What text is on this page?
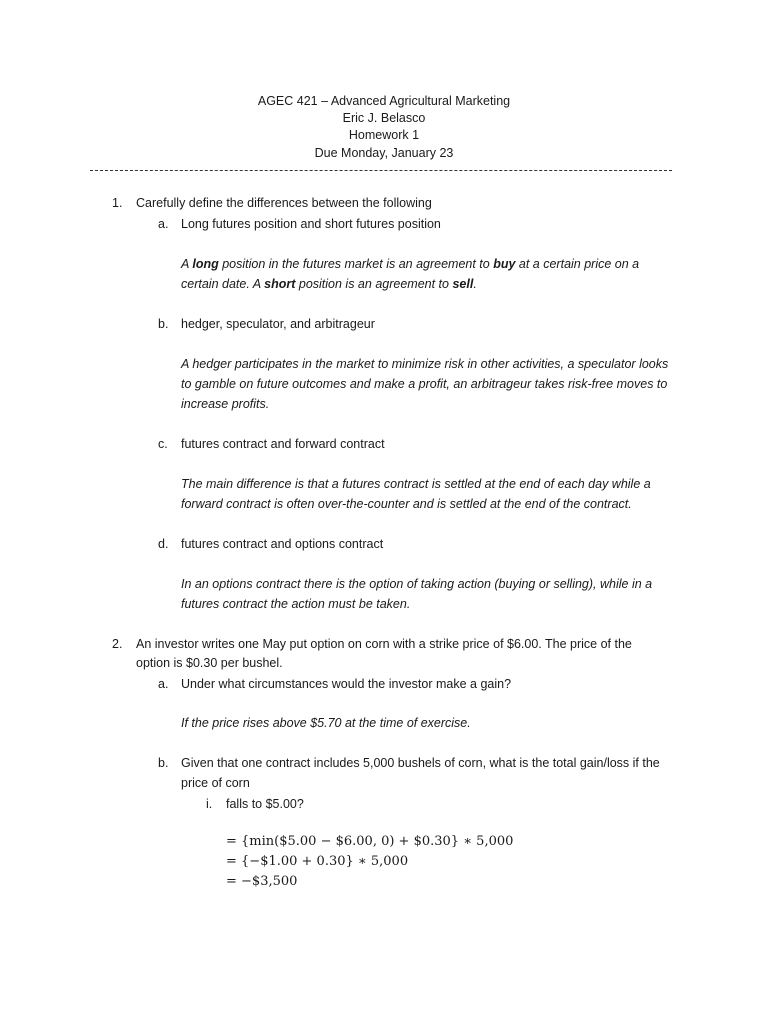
AGEC 421 – Advanced Agricultural Marketing
Eric J. Belasco
Homework 1
Due Monday, January 23
1. Carefully define the differences between the following
a. Long futures position and short futures position
A long position in the futures market is an agreement to buy at a certain price on a
certain date. A short position is an agreement to sell.
b. hedger, speculator, and arbitrageur
A hedger participates in the market to minimize risk in other activities, a speculator looks
to gamble on future outcomes and make a profit, an arbitrageur takes risk-free moves to
increase profits.
c. futures contract and forward contract
The main difference is that a futures contract is settled at the end of each day while a
forward contract is often over-the-counter and is settled at the end of the contract.
d. futures contract and options contract
In an options contract there is the option of taking action (buying or selling), while in a
futures contract the action must be taken.
2. An investor writes one May put option on corn with a strike price of $6.00. The price of the
option is $0.30 per bushel.
a. Under what circumstances would the investor make a gain?
If the price rises above $5.70 at the time of exercise.
b. Given that one contract includes 5,000 bushels of corn, what is the total gain/loss if the
price of corn
i. falls to $5.00?
= {min($5.00 − $6.00, 0) + $0.30} ∗ 5,000
= {−$1.00 + 0.30} ∗ 5,000
= −$3,500
